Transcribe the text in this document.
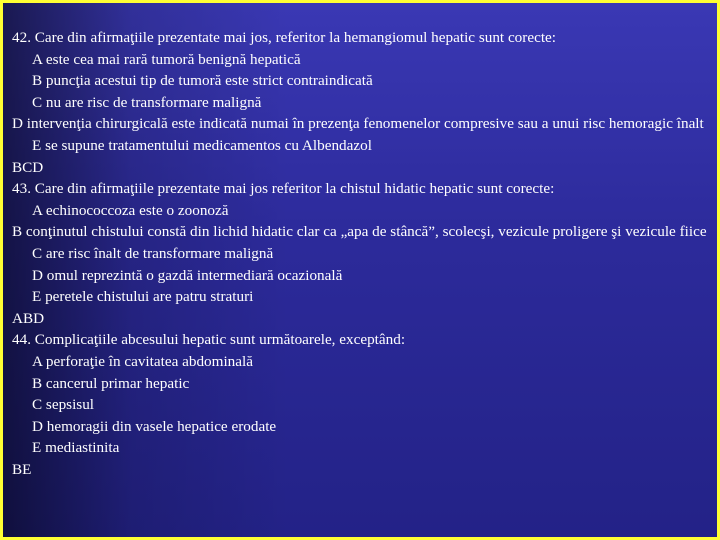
42. Care din afirmaţiile prezentate mai jos, referitor la hemangiomul hepatic sunt corecte:

A este cea mai rară tumoră benignă hepatică

B puncţia acestui tip de tumoră este strict contraindicată

C nu are risc de transformare malignă

D intervenţia chirurgicală este indicată numai în prezenţa fenomenelor compresive sau a unui risc hemoragic înalt

E se supune tratamentului medicamentos cu Albendazol

BCD

43. Care din afirmaţiile prezentate mai jos referitor la chistul hidatic hepatic sunt corecte:

A echinococcoza este o zoonoză

B conţinutul chistului constă din lichid hidatic clar ca „apa de stâncă”, scolecşi, vezicule proligere şi vezicule fiice

C are risc înalt de transformare malignă

D omul reprezintă o gazdă intermediară ocazională

E peretele chistului are patru straturi

ABD

44. Complicaţiile abcesului hepatic sunt următoarele, exceptând:

A perforaţie în cavitatea abdominală

B cancerul primar hepatic

C sepsisul

D hemoragii din vasele hepatice erodate

E mediastinita

BE
